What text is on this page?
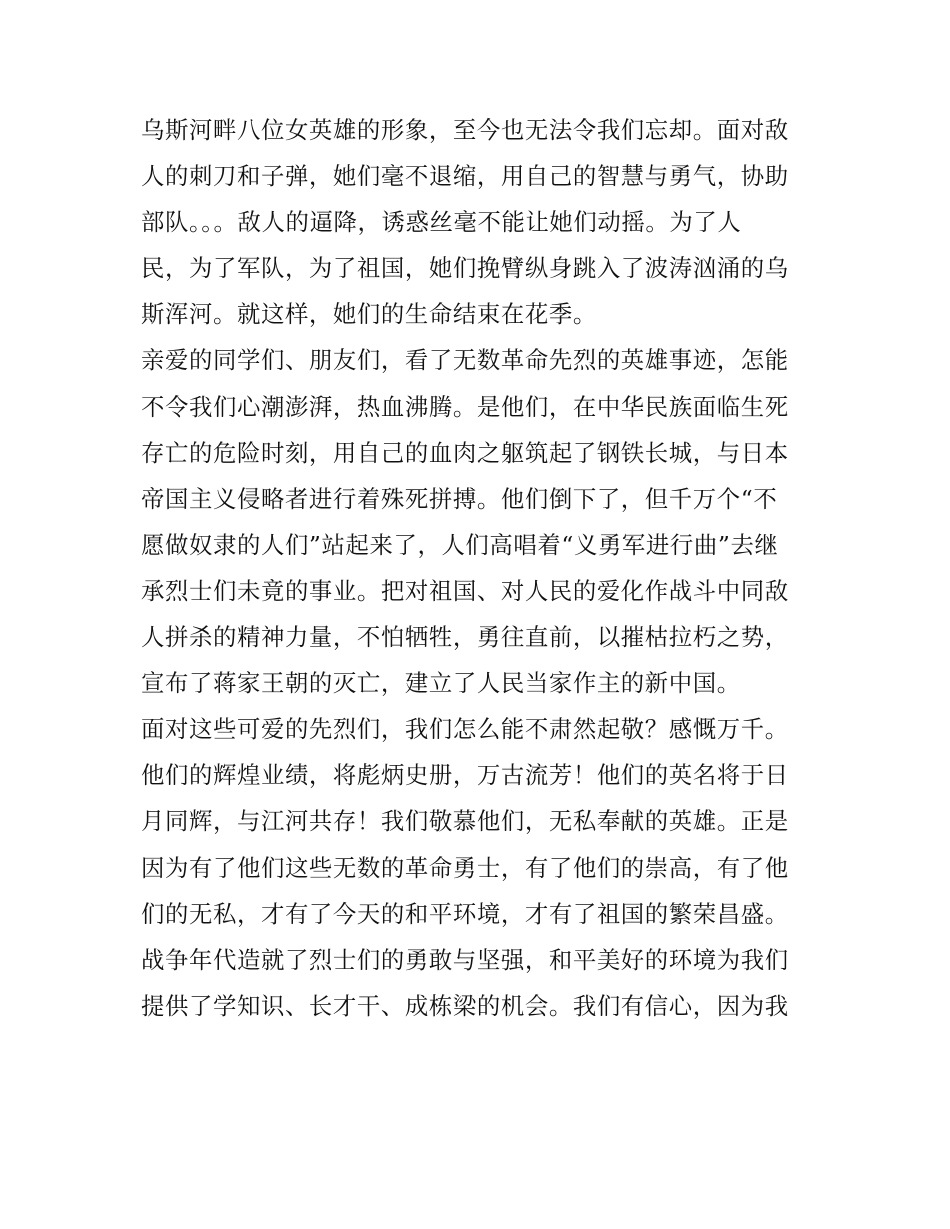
乌斯河畔八位女英雄的形象，至今也无法令我们忘却。面对敌
人的刺刀和子弹，她们毫不退缩，用自己的智慧与勇气，协助
部队。。。敌人的逼降，诱惑丝毫不能让她们动摇。为了人
民，为了军队，为了祖国，她们挽臂纵身跳入了波涛汹涌的乌
斯浑河。就这样，她们的生命结束在花季。
亲爱的同学们、朋友们，看了无数革命先烈的英雄事迹，怎能
不令我们心潮澎湃，热血沸腾。是他们，在中华民族面临生死
存亡的危险时刻，用自己的血肉之躯筑起了钢铁长城，与日本
帝国主义侵略者进行着殊死拼搏。他们倒下了，但千万个“不
愿做奴隶的人们”站起来了，人们高唱着“义勇军进行曲”去继
承烈士们未竟的事业。把对祖国、对人民的爱化作战斗中同敌
人拼杀的精神力量，不怕牺牲，勇往直前，以摧枯拉朽之势，
宣布了蒋家王朝的灭亡，建立了人民当家作主的新中国。
面对这些可爱的先烈们，我们怎么能不肃然起敬？感慨万千。
他们的辉煌业绩，将彪炳史册，万古流芳！他们的英名将于日
月同辉，与江河共存！我们敬慕他们，无私奉献的英雄。正是
因为有了他们这些无数的革命勇士，有了他们的崇高，有了他
们的无私，才有了今天的和平环境，才有了祖国的繁荣昌盛。
战争年代造就了烈士们的勇敢与坚强，和平美好的环境为我们
提供了学知识、长才干、成栋梁的机会。我们有信心，因为我
